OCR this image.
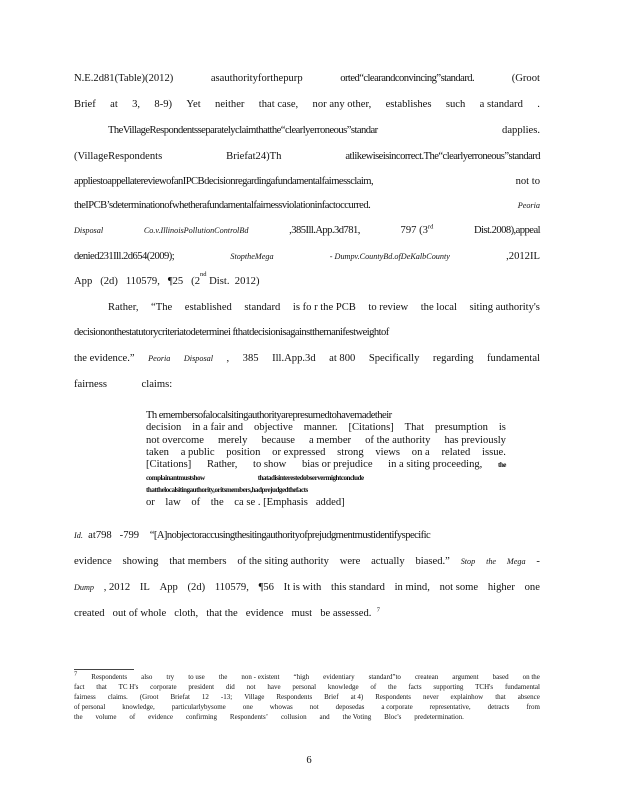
N.E.2d81(Table)(2012)	asauthorityforthepurp	orted“clearandconvincing”standard.	(Groot
Brief at 3, 8-9) Yet neither that case, nor any other, establishes such a standard .
TheVillageRespondentsseparatelyclaimthatthe“clearlyerroneous”standar	dapplies.
(VillageRespondents	Briefat24)Th	atlikewiseisincorrect.The“clearlyerroneous”standard
appliestoappellatereviewofanIPCBdecisionregardingafundamentalfairnessclaim,	not to
theIPCB’sdeterminationofwhetherafundamentalfairnessviolationinfactoccurred.	Peoria
Disposal	Co.v.IllinoisPollutionControlBd	,385Ill.App.3d781,	797 (3rd	Dist.2008),appeal
denied231Ill.2d654(2009);	StoptheMega	- Dumpv.CountyBd.ofDeKalbCounty	,2012IL
App
(2d)
110579,
¶25
(2
nd

Dist.
2012)
Rather, “The established standard is fo r the PCB to review the local siting authority's
decisiononthestatutorycriteriatodeterminei fthatdecisionisagainstthemanifestweightof
the evidence.” Peoria Disposal , 385 Ill.App.3d at 800 Specifically regarding fundamental
fairness
	claims:
Th emembersofalocalsitingauthorityarepresumedtohavemadetheir
decision in a fair and objective manner. [Citations] That presumption is
not overcome merely because a member of the authority has previously
taken a public position or expressed strong views on a related issue.
[Citations] Rather, to show bias or prejudice in a siting proceeding, the
complainantmustshow
	thatadisinterestedobservermightconclude
thatthelocalsitingauthority,oritsmembers,hadprejudgedthefacts
or
law
of
the
ca se
.
[Emphasis
added]
Id.
at798
-799
“[A]nobjectoraccusingthesitingauthorityofprejudgmentmustidentifyspecific
evidence showing that members of the siting authority were actually biased.” Stop the Mega -
Dump , 2012 IL App (2d) 110579, ¶56 It is with this standard in mind, not some higher one
created out of whole cloth, that the evidence must be assessed. $^7$
$^7$ Respondents also try to use the non - existent “high evidentiary standard”to createan argument based on the
fact that TC H's corporate president did not have personal knowledge of the facts supporting TCH's fundamental
fairness claims. (Groot Briefat 12 -13; Village Respondents Brief at 4) Respondents never explainhow that absence
of personal knowledge, particularlybysome one whowas not deposedas a corporate representative, detracts from
the volume of evidence confirming Respondents’ collusion and the Voting Bloc's predetermination.
6
